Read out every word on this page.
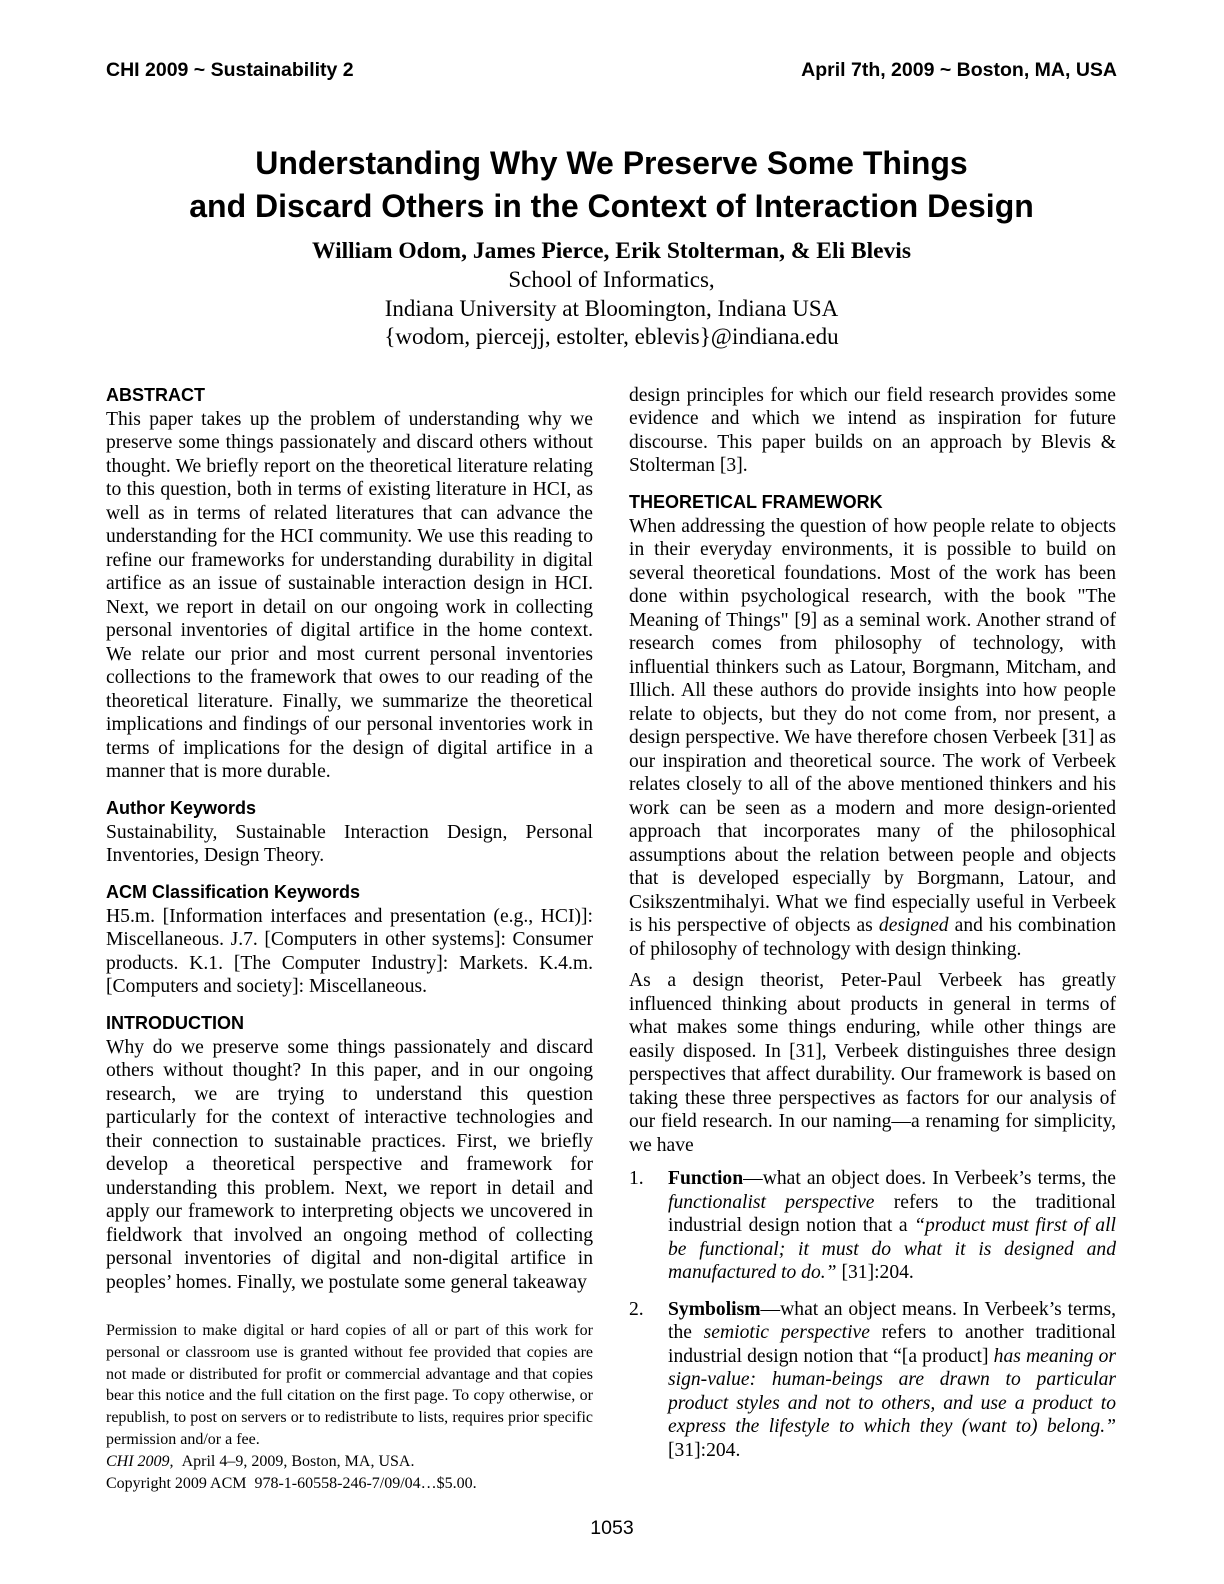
CHI 2009 ~ Sustainability 2	April 7th, 2009 ~ Boston, MA, USA
Understanding Why We Preserve Some Things
and Discard Others in the Context of Interaction Design
William Odom, James Pierce, Erik Stolterman, & Eli Blevis
School of Informatics,
Indiana University at Bloomington, Indiana USA
{wodom, piercejj, estolter, eblevis}@indiana.edu
ABSTRACT

This paper takes up the problem of understanding why we preserve some things passionately and discard others without thought. We briefly report on the theoretical literature relating to this question, both in terms of existing literature in HCI, as well as in terms of related literatures that can advance the understanding for the HCI community. We use this reading to refine our frameworks for understanding durability in digital artifice as an issue of sustainable interaction design in HCI. Next, we report in detail on our ongoing work in collecting personal inventories of digital artifice in the home context. We relate our prior and most current personal inventories collections to the framework that owes to our reading of the theoretical literature. Finally, we summarize the theoretical implications and findings of our personal inventories work in terms of implications for the design of digital artifice in a manner that is more durable.

Author Keywords

Sustainability, Sustainable Interaction Design, Personal Inventories, Design Theory.

ACM Classification Keywords

H5.m. [Information interfaces and presentation (e.g., HCI)]: Miscellaneous. J.7. [Computers in other systems]: Consumer products. K.1. [The Computer Industry]: Markets. K.4.m. [Computers and society]: Miscellaneous.

INTRODUCTION

Why do we preserve some things passionately and discard others without thought? In this paper, and in our ongoing research, we are trying to understand this question particularly for the context of interactive technologies and their connection to sustainable practices. First, we briefly develop a theoretical perspective and framework for understanding this problem. Next, we report in detail and apply our framework to interpreting objects we uncovered in fieldwork that involved an ongoing method of collecting personal inventories of digital and non-digital artifice in peoples’ homes. Finally, we postulate some general takeaway

Permission to make digital or hard copies of all or part of this work for personal or classroom use is granted without fee provided that copies are not made or distributed for profit or commercial advantage and that copies bear this notice and the full citation on the first page. To copy otherwise, or republish, to post on servers or to redistribute to lists, requires prior specific permission and/or a fee.

CHI 2009,  April 4–9, 2009, Boston, MA, USA.

Copyright 2009 ACM  978-1-60558-246-7/09/04…$5.00.

design principles for which our field research provides some evidence and which we intend as inspiration for future discourse. This paper builds on an approach by Blevis & Stolterman [3].

THEORETICAL FRAMEWORK

When addressing the question of how people relate to objects in their everyday environments, it is possible to build on several theoretical foundations. Most of the work has been done within psychological research, with the book "The Meaning of Things" [9] as a seminal work. Another strand of research comes from philosophy of technology, with influential thinkers such as Latour, Borgmann, Mitcham, and Illich. All these authors do provide insights into how people relate to objects, but they do not come from, nor present, a design perspective. We have therefore chosen Verbeek [31] as our inspiration and theoretical source. The work of Verbeek relates closely to all of the above mentioned thinkers and his work can be seen as a modern and more design-oriented approach that incorporates many of the philosophical assumptions about the relation between people and objects that is developed especially by Borgmann, Latour, and Csikszentmihalyi. What we find especially useful in Verbeek is his perspective of objects as designed and his combination of philosophy of technology with design thinking.

As a design theorist, Peter-Paul Verbeek has greatly influenced thinking about products in general in terms of what makes some things enduring, while other things are easily disposed. In [31], Verbeek distinguishes three design perspectives that affect durability. Our framework is based on taking these three perspectives as factors for our analysis of our field research. In our naming—a renaming for simplicity, we have

1.	Function—what an object does. In Verbeek’s terms, the functionalist perspective refers to the traditional industrial design notion that a “product must first of all be functional; it must do what it is designed and manufactured to do.” [31]:204.
2.	Symbolism—what an object means. In Verbeek’s terms, the semiotic perspective refers to another traditional industrial design notion that “[a product] has meaning or sign-value: human-beings are drawn to particular product styles and not to others, and use a product to express the lifestyle to which they (want to) belong.” [31]:204.
1053
